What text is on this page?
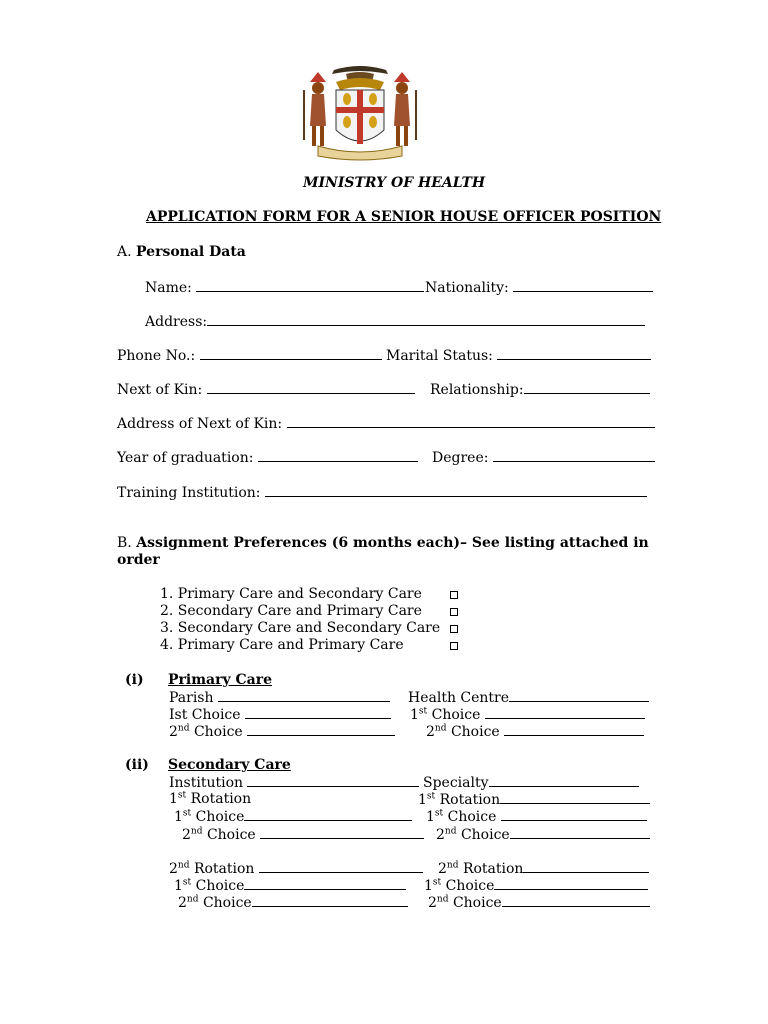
MINISTRY OF HEALTH
APPLICATION FORM FOR A SENIOR HOUSE OFFICER POSITION
A. Personal Data
Name:	Nationality:
Address:
Phone No.:	Marital Status:
Next of Kin:	Relationship:
Address of Next of Kin:
Year of graduation:	Degree:
Training Institution:
B. Assignment Preferences (6 months each)– See listing attached in
order
1. Primary Care and Secondary Care
2. Secondary Care and Primary Care
3. Secondary Care and Secondary Care
4. Primary Care and Primary Care
(i) Primary Care
Parish	Health Centre
Ist Choice	1st Choice
2nd Choice	2nd Choice
(ii) Secondary Care
Institution	Specialty
1st Rotation	1st Rotation
1st Choice	1st Choice
2nd Choice	2nd Choice
2nd Rotation	2nd Rotation
1st Choice	1st Choice
2nd Choice	2nd Choice
